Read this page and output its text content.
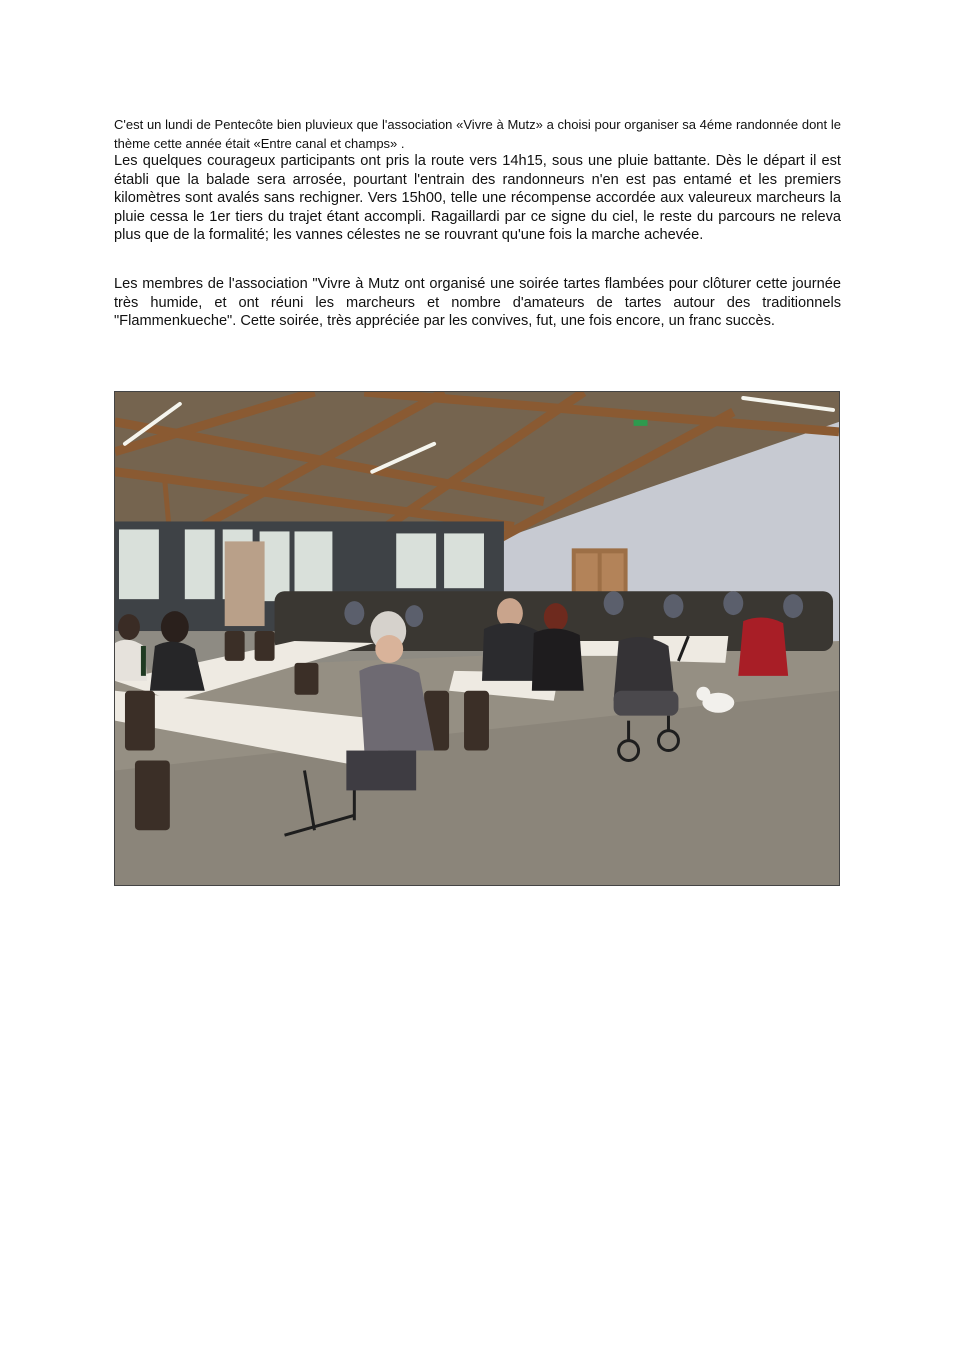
C'est un lundi de Pentecôte bien pluvieux que l'association «Vivre à Mutz» a choisi pour organiser sa 4éme randonnée dont le thème cette année était «Entre canal et champs» .

Les quelques courageux participants ont pris la route vers 14h15, sous une pluie battante. Dès le départ il est établi que la balade sera arrosée, pourtant l'entrain des randonneurs n'en est pas entamé et les premiers kilomètres sont avalés sans rechigner. Vers 15h00, telle une récompense accordée aux valeureux marcheurs la pluie cessa le 1er tiers du trajet étant accompli. Ragaillardi par ce signe du ciel, le reste du parcours ne releva plus que de la formalité; les vannes célestes ne se rouvrant qu'une fois la marche achevée.

Les membres de l'association "Vivre à Mutz ont organisé une soirée tartes flambées pour clôturer cette journée très humide, et ont réuni les marcheurs et nombre d'amateurs de tartes autour des traditionnels "Flammenkueche". Cette soirée, très appréciée par les convives, fut, une fois encore, un franc succès.
